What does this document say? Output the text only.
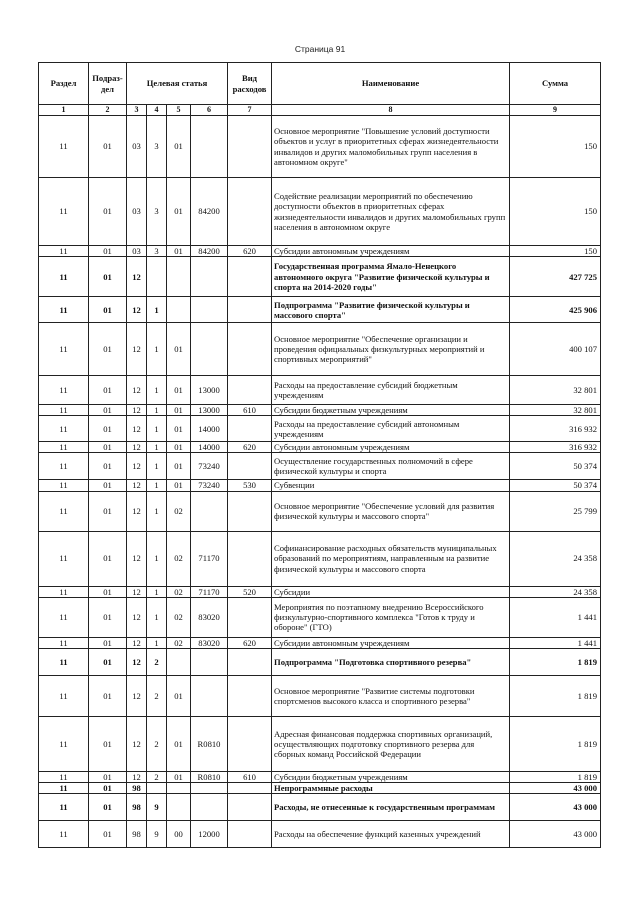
Страница 91
Раздел	Подраз-дел	Целевая статья				Вид расходов	Наименование	Сумма
1	2	3	4	5	6	7	8	9
11	01	03	3	01			Основное мероприятие "Повышение условий доступности объектов и услуг в приоритетных сферах жизнедеятельности инвалидов и других маломобильных групп населения в автономном округе"	150
11	01	03	3	01	84200		Содействие реализации мероприятий по обеспечению доступности объектов в приоритетных сферах жизнедеятельности инвалидов и других маломобильных групп населения в автономном округе	150
11	01	03	3	01	84200	620	Субсидии автономным учреждениям	150
11	01	12					Государственная программа Ямало-Ненецкого автономного округа "Развитие физической культуры и спорта на 2014-2020 годы"	427 725
11	01	12	1				Подпрограмма "Развитие физической культуры и массового спорта"	425 906
11	01	12	1	01			Основное мероприятие "Обеспечение организации и проведения официальных физкультурных мероприятий и спортивных мероприятий"	400 107
11	01	12	1	01	13000		Расходы на предоставление субсидий бюджетным учреждениям	32 801
11	01	12	1	01	13000	610	Субсидии бюджетным учреждениям	32 801
11	01	12	1	01	14000		Расходы на предоставление субсидий автономным учреждениям	316 932
11	01	12	1	01	14000	620	Субсидии автономным учреждениям	316 932
11	01	12	1	01	73240		Осуществление государственных полномочий в сфере физической культуры и спорта	50 374
11	01	12	1	01	73240	530	Субвенции	50 374
11	01	12	1	02			Основное мероприятие "Обеспечение условий для развития физической культуры и массового спорта"	25 799
11	01	12	1	02	71170		Софинансирование расходных обязательств муниципальных образований по мероприятиям, направленным на развитие физической культуры и массового спорта	24 358
11	01	12	1	02	71170	520	Субсидии	24 358
11	01	12	1	02	83020		Мероприятия по поэтапному внедрению Всероссийского физкультурно-спортивного комплекса "Готов к труду и обороне" (ГТО)	1 441
11	01	12	1	02	83020	620	Субсидии автономным учреждениям	1 441
11	01	12	2				Подпрограмма "Подготовка спортивного резерва"	1 819
11	01	12	2	01			Основное мероприятие "Развитие системы подготовки спортсменов высокого класса и спортивного резерва"	1 819
11	01	12	2	01	R0810		Адресная финансовая поддержка спортивных организаций, осуществляющих подготовку спортивного резерва для сборных команд Российской Федерации	1 819
11	01	12	2	01	R0810	610	Субсидии бюджетным учреждениям	1 819
11	01	98					Непрограммные расходы	43 000
11	01	98	9				Расходы, не отнесенные к государственным программам	43 000
11	01	98	9	00	12000		Расходы на обеспечение функций казенных учреждений	43 000
